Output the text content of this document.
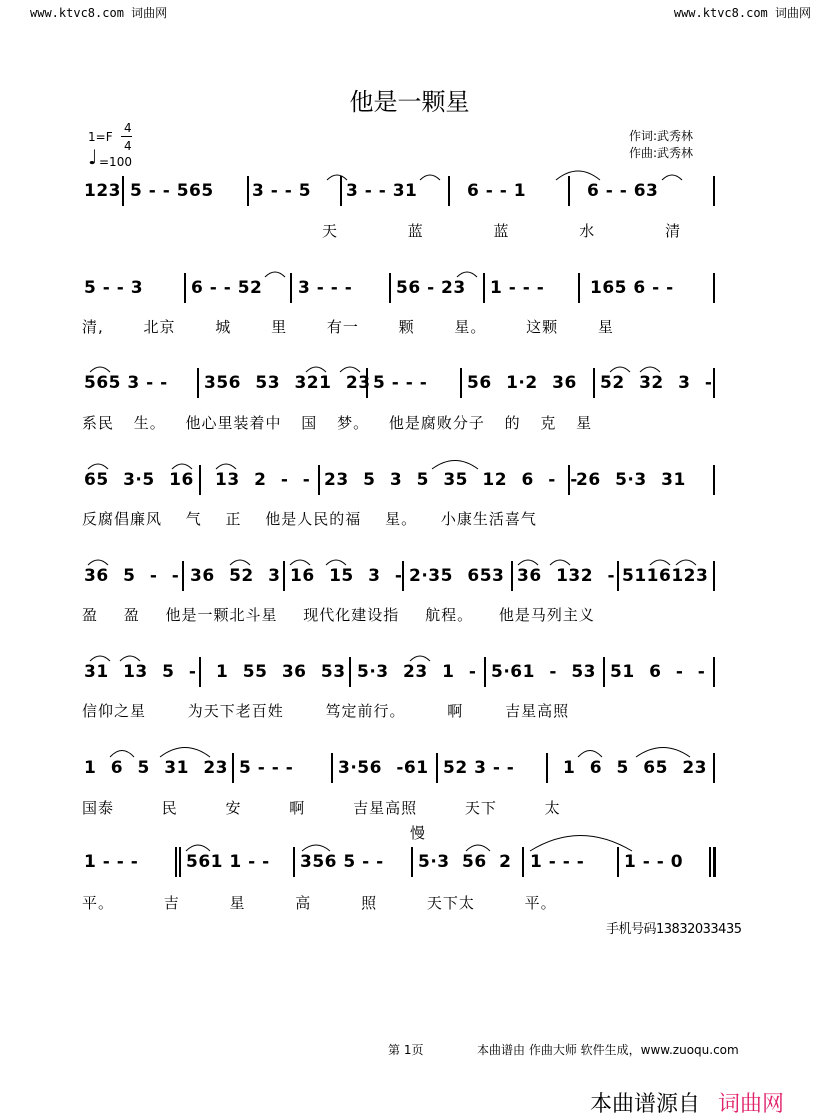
www.ktvc8.com 词曲网	www.ktvc8.com 词曲网
他是一颗星
1=F
4
4
♩ =100
作词:武秀林
作曲:武秀林
123 5 - - 565 3 - - 5 3 - - 31	6 - - 1	6 - - 63
天 蓝 蓝 水 清
5 - - 3	6 - - 52 3 - - -	56 - 23 1 - - -	165 6 - -
清, 北京 城 里 有一 颗 星。 这颗 星
565 3 - - 356 53 321 23 5 - - - 56 1·2 36 52 32 3 -
系民 生。 他心里装着中 国 梦。 他是腐败分子 的 克 星
65 3·5 16 13 2 - - 23 5 3 5 35 12 6 - -
26 5·3 31
反腐倡廉风 气 正 他是人民的福 星。 小康生活喜气
36 5 - - 36 52 3 16 15 3 - 2·35 653 36 132 - 5116123
盈 盈 他是一颗北斗星 现代化建设指 航程。 他是马列主义
31 13 5 - 1 55 36 53 5·3 23 1 - 5·61 - 53 51 6 - -
信仰之星 为天下老百姓 笃定前行。 啊 吉星高照
1 6 5 31 23 5 - - -	3·56 -61 52 3 - -	1 6 5 65 23
国泰 民 安 啊 吉星高照 天下 太
慢
1 - - -	561 1 - - 356 5 - - 5·3 56 2 1 - - - 1 - - 0
平。 吉 星 高 照 天下太 平。
手机号码13832033435
第 1页	本曲谱由 作曲大师 软件生成，www.zuoqu.com
本曲谱源自 词曲网
